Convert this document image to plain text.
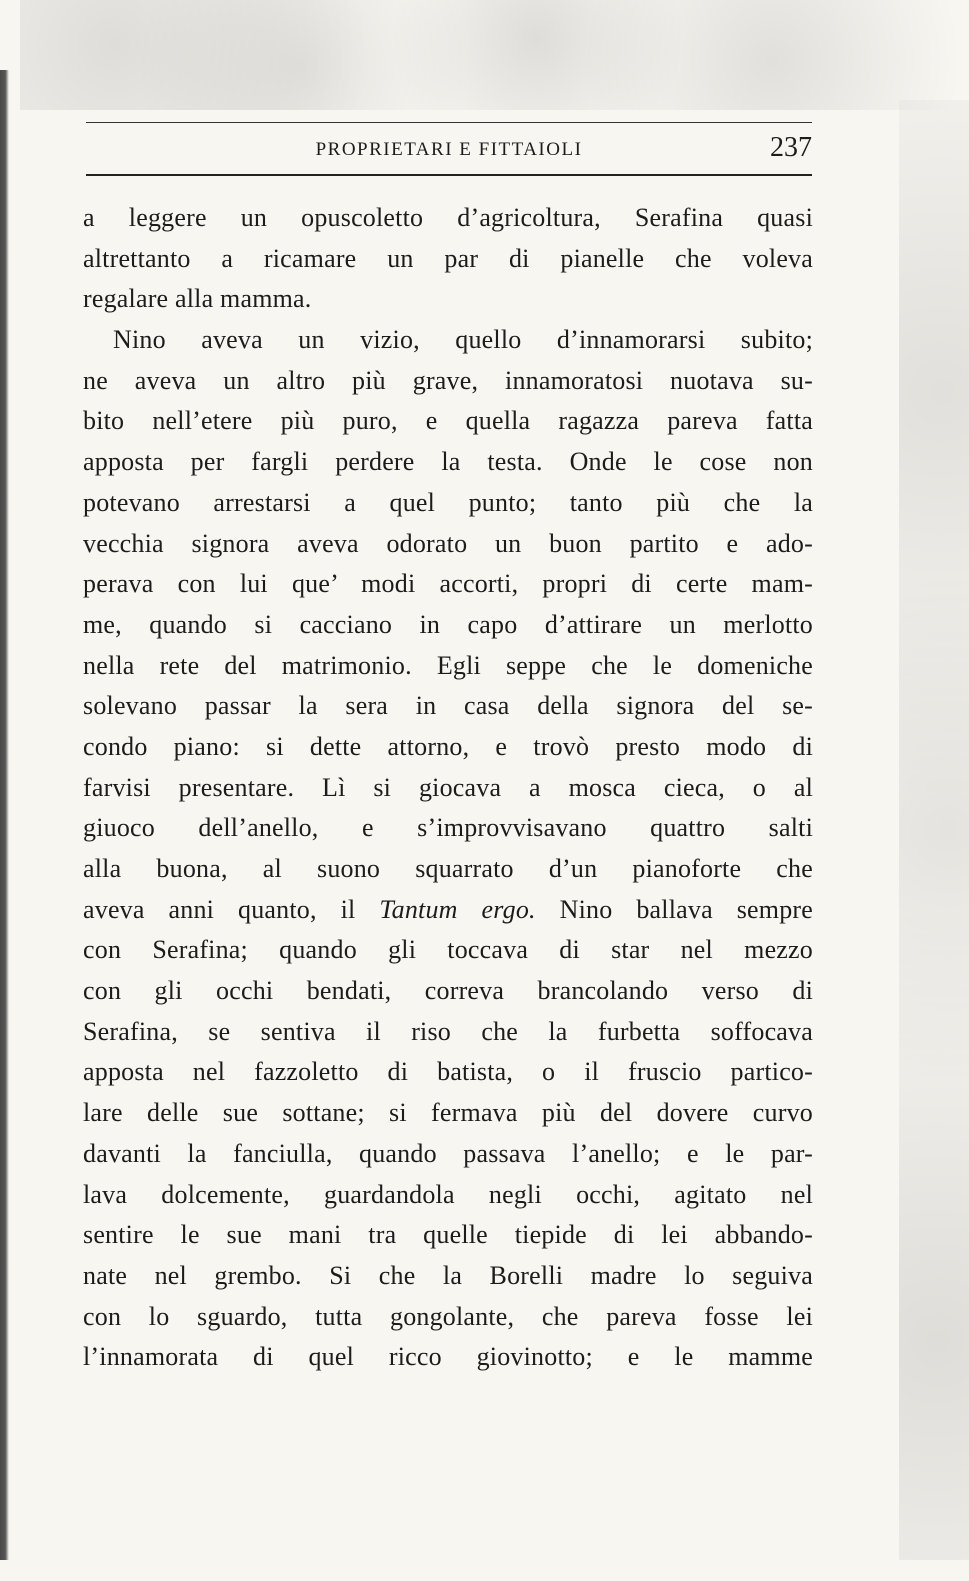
PROPRIETARI E FITTAIOLI	237
a leggere un opuscoletto d’agricoltura, Serafina quasi
altrettanto a ricamare un par di pianelle che voleva
regalare alla mamma.
Nino aveva un vizio, quello d’innamorarsi subito;
ne aveva un altro più grave, innamoratosi nuotava su-
bito nell’etere più puro, e quella ragazza pareva fatta
apposta per fargli perdere la testa. Onde le cose non
potevano arrestarsi a quel punto; tanto più che la
vecchia signora aveva odorato un buon partito e ado-
perava con lui que’ modi accorti, propri di certe mam-
me, quando si cacciano in capo d’attirare un merlotto
nella rete del matrimonio. Egli seppe che le domeniche
solevano passar la sera in casa della signora del se-
condo piano: si dette attorno, e trovò presto modo di
farvisi presentare. Lì si giocava a mosca cieca, o al
giuoco dell’anello, e s’improvvisavano quattro salti
alla buona, al suono squarrato d’un pianoforte che
aveva anni quanto, il Tantum ergo. Nino ballava sempre
con Serafina; quando gli toccava di star nel mezzo
con gli occhi bendati, correva brancolando verso di
Serafina, se sentiva il riso che la furbetta soffocava
apposta nel fazzoletto di batista, o il fruscio partico-
lare delle sue sottane; si fermava più del dovere curvo
davanti la fanciulla, quando passava l’anello; e le par-
lava dolcemente, guardandola negli occhi, agitato nel
sentire le sue mani tra quelle tiepide di lei abbando-
nate nel grembo. Si che la Borelli madre lo seguiva
con lo sguardo, tutta gongolante, che pareva fosse lei
l’innamorata di quel ricco giovinotto; e le mamme
